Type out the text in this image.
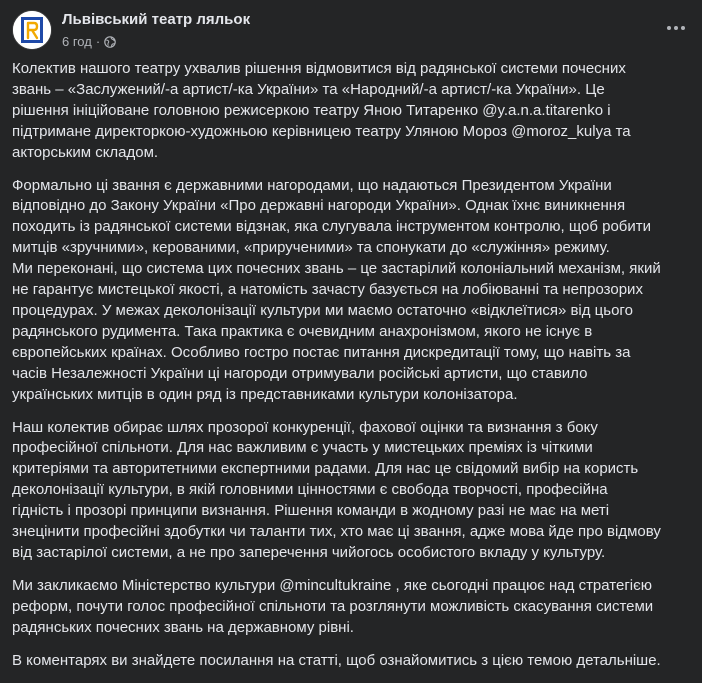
Львівський театр ляльок
6 год ·

Колектив нашого театру ухвалив рішення відмовитися від радянської системи почесних
звань – «Заслужений/-а артист/-ка України» та «Народний/-а артист/-ка України». Це
рішення ініційоване головною режисеркою театру Яною Титаренко @y.a.n.a.titarenko і
підтримане директоркою-художньою керівницею театру Уляною Мороз @moroz_kulya та
акторським складом.

Формально ці звання є державними нагородами, що надаються Президентом України
відповідно до Закону України «Про державні нагороди України». Однак їхнє виникнення
походить із радянської системи відзнак, яка слугувала інструментом контролю, щоб робити
митців «зручними», керованими, «прирученими» та спонукати до «служіння» режиму.
Ми переконані, що система цих почесних звань – це застарілий колоніальний механізм, який
не гарантує мистецької якості, а натомість зачасту базується на лобіюванні та непрозорих
процедурах. У межах деколонізації культури ми маємо остаточно «відклеїтися» від цього
радянського рудимента. Така практика є очевидним анахронізмом, якого не існує в
європейських країнах. Особливо гостро постає питання дискредитації тому, що навіть за
часів Незалежності України ці нагороди отримували російські артисти, що ставило
українських митців в один ряд із представниками культури колонізатора.

Наш колектив обирає шлях прозорої конкуренції, фахової оцінки та визнання з боку
професійної спільноти. Для нас важливим є участь у мистецьких преміях із чіткими
критеріями та авторитетними експертними радами. Для нас це свідомий вибір на користь
деколонізації культури, в якій головними цінностями є свобода творчості, професійна
гідність і прозорі принципи визнання. Рішення команди в жодному разі не має на меті
знецінити професійні здобутки чи таланти тих, хто має ці звання, адже мова йде про відмову
від застарілої системи, а не про заперечення чийогось особистого вкладу у культуру.

Ми закликаємо Міністерство культури @mincultukraine , яке сьогодні працює над стратегією
реформ, почути голос професійної спільноти та розглянути можливість скасування системи
радянських почесних звань на державному рівні.

В коментарях ви знайдете посилання на статті, щоб ознайомитись з цією темою детальніше.
